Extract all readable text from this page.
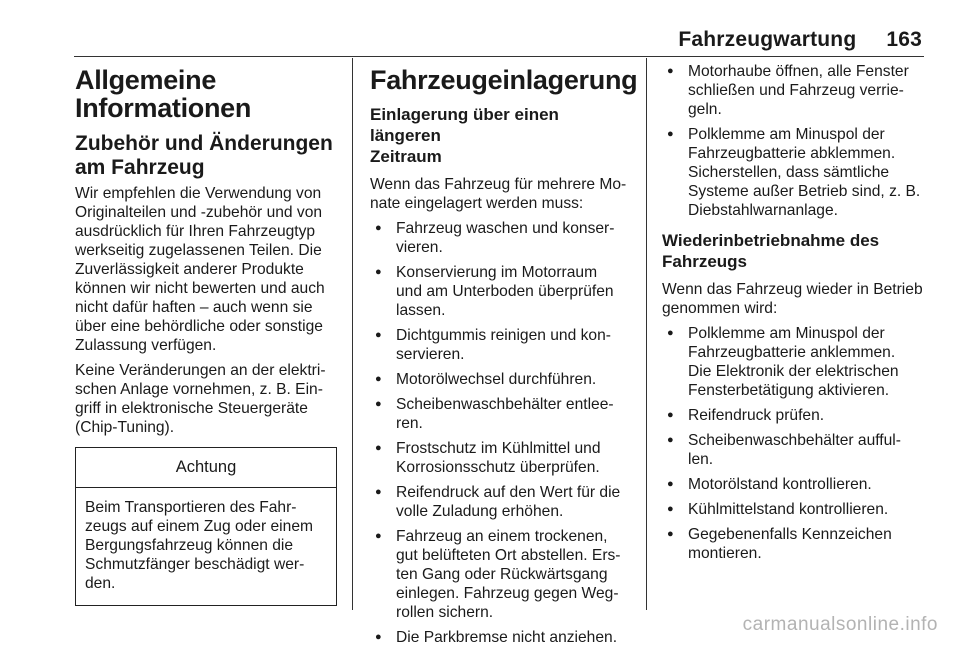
Fahrzeugwartung 163
Allgemeine
Informationen
Zubehör und Änderungen
am Fahrzeug

Wir empfehlen die Verwendung von
Originalteilen und -zubehör und von
ausdrücklich für Ihren Fahrzeugtyp
werkseitig zugelassenen Teilen. Die
Zuverlässigkeit anderer Produkte
können wir nicht bewerten und auch
nicht dafür haften – auch wenn sie
über eine behördliche oder sonstige
Zulassung verfügen.

Keine Veränderungen an der elektri-
schen Anlage vornehmen, z. B. Ein-
griff in elektronische Steuergeräte
(Chip-Tuning).

Achtung
Beim Transportieren des Fahr-
zeugs auf einem Zug oder einem
Bergungsfahrzeug können die
Schmutzfänger beschädigt wer-
den.
Fahrzeugeinlagerung
Einlagerung über einen längeren
Zeitraum

Wenn das Fahrzeug für mehrere Mo-
nate eingelagert werden muss:

● Fahrzeug waschen und konser-
vieren.
● Konservierung im Motorraum
und am Unterboden überprüfen
lassen.
● Dichtgummis reinigen und kon-
servieren.
● Motorölwechsel durchführen.
● Scheibenwaschbehälter entlee-
ren.
● Frostschutz im Kühlmittel und
Korrosionsschutz überprüfen.
● Reifendruck auf den Wert für die
volle Zuladung erhöhen.
● Fahrzeug an einem trockenen,
gut belüfteten Ort abstellen. Ers-
ten Gang oder Rückwärtsgang
einlegen. Fahrzeug gegen Weg-
rollen sichern.
● Die Parkbremse nicht anziehen.
● Motorhaube öffnen, alle Fenster
schließen und Fahrzeug verrie-
geln.
● Polklemme am Minuspol der
Fahrzeugbatterie abklemmen.
Sicherstellen, dass sämtliche
Systeme außer Betrieb sind, z. B.
Diebstahlwarnanlage.
Wiederinbetriebnahme des
Fahrzeugs

Wenn das Fahrzeug wieder in Betrieb
genommen wird:

● Polklemme am Minuspol der
Fahrzeugbatterie anklemmen.
Die Elektronik der elektrischen
Fensterbetätigung aktivieren.
● Reifendruck prüfen.
● Scheibenwaschbehälter aufful-
len.
● Motorölstand kontrollieren.
● Kühlmittelstand kontrollieren.
● Gegebenenfalls Kennzeichen
montieren.
carmanualsonline.info
